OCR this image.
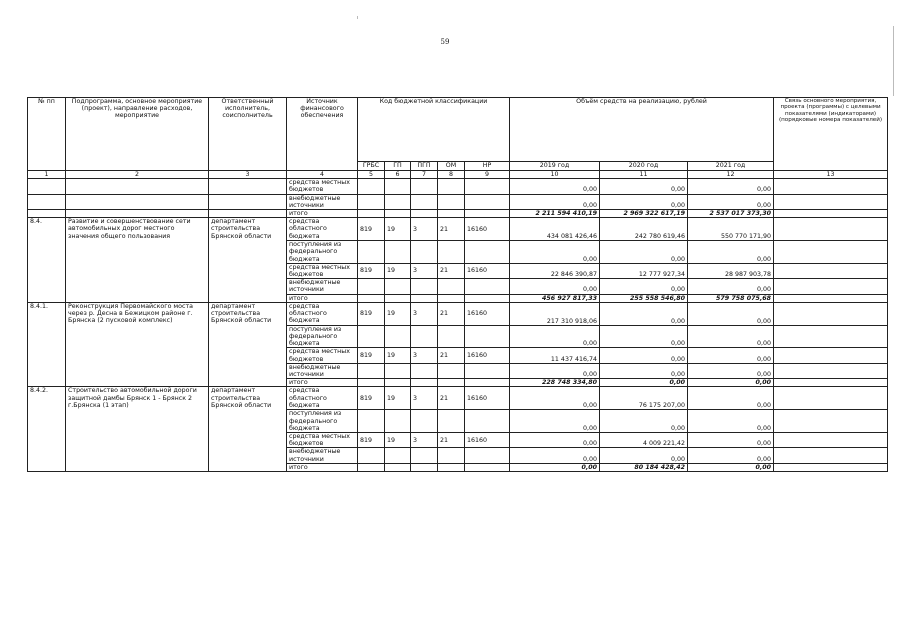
59
№ пп	Подпрограмма, основное мероприятие (проект), направление расходов, мероприятие	Ответственный исполнитель, соисполнитель	Источник финансового обеспечения	Код бюджетной классификации					Объём средств на реализацию, рублей			Связь основного мероприятия, проекта (программы) с целевыми показателями (индикаторами) (порядковые номера показателей)
				ГРБС	ГП	ПГП	ОМ	НР	2019 год	2020 год	2021 год	
1	2	3	4	5	6	7	8	9	10	11	12	13
			средства местных бюджетов						0,00	0,00	0,00	
			внебюджетные источники						0,00	0,00	0,00	
			итого						2 211 594 410,19	2 969 322 617,19	2 537 017 373,30	
8.4.	Развитие и совершенствование сети автомобильных дорог местного значения общего пользования	департамент строительства Брянской области	средства областного бюджета	819	19	3	21	16160	434 081 426,46	242 780 619,46	550 770 171,90	
			поступления из федерального бюджета						0,00	0,00	0,00	
			средства местных бюджетов	819	19	3	21	16160	22 846 390,87	12 777 927,34	28 987 903,78	
			внебюджетные источники						0,00	0,00	0,00	
			итого						456 927 817,33	255 558 546,80	579 758 075,68	
8.4.1.	Реконструкция Первомайского моста через р. Десна в Бежицком районе г. Брянска (2 пусковой комплекс)	департамент строительства Брянской области	средства областного бюджета	819	19	3	21	16160	217 310 918,06	0,00	0,00	
			поступления из федерального бюджета						0,00	0,00	0,00	
			средства местных бюджетов	819	19	3	21	16160	11 437 416,74	0,00	0,00	
			внебюджетные источники						0,00	0,00	0,00	
			итого						228 748 334,80	0,00	0,00	
8.4.2.	Строительство автомобильной дороги защитной дамбы Брянск 1 - Брянск 2 г.Брянска (1 этап)	департамент строительства Брянской области	средства областного бюджета	819	19	3	21	16160	0,00	76 175 207,00	0,00	
			поступления из федерального бюджета						0,00	0,00	0,00	
			средства местных бюджетов	819	19	3	21	16160	0,00	4 009 221,42	0,00	
			внебюджетные источники						0,00	0,00	0,00	
			итого						0,00	80 184 428,42	0,00	
